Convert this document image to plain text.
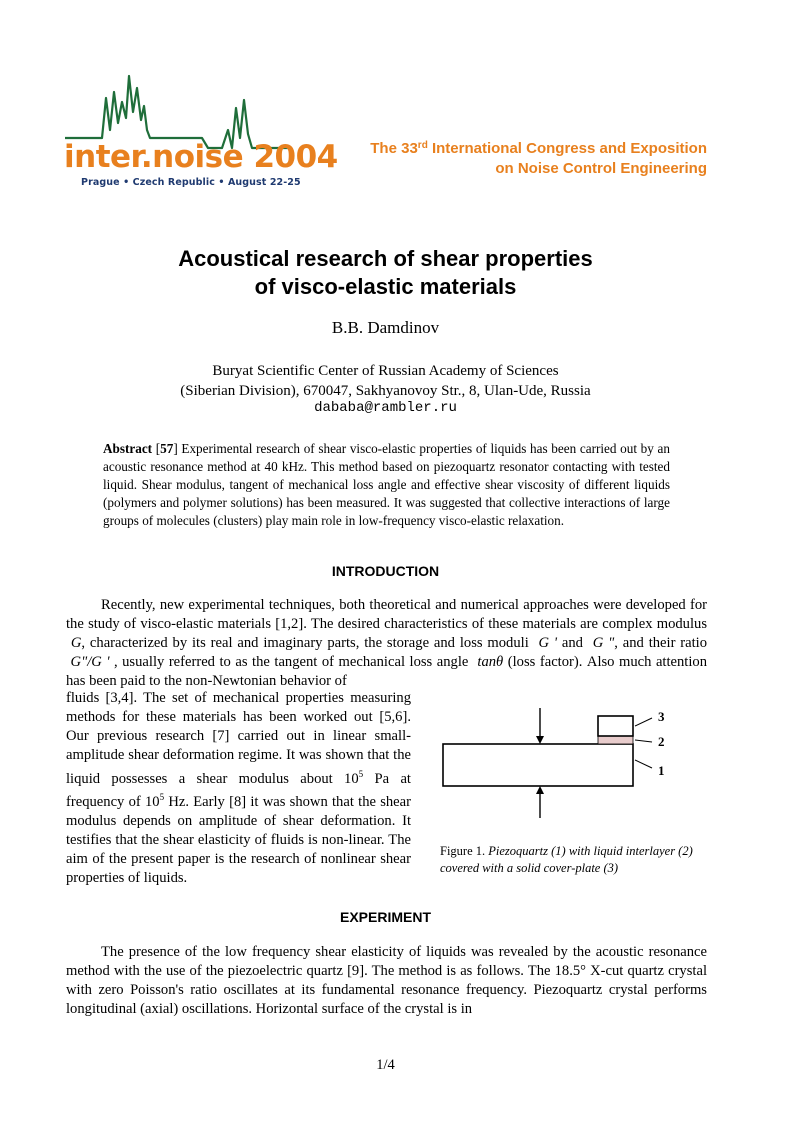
inter.noise 2004
Prague • Czech Republic • August 22-25
The 33rd International Congress and Exposition
on Noise Control Engineering
Acoustical research of shear properties
of visco-elastic materials
B.B. Damdinov
Buryat Scientific Center of Russian Academy of Sciences
(Siberian Division), 670047, Sakhyanovoy Str., 8, Ulan-Ude, Russia
dababa@rambler.ru
Abstract [57] Experimental research of shear visco-elastic properties of liquids has been carried out by an acoustic resonance method at 40 kHz. This method based on piezoquartz resonator contacting with tested liquid. Shear modulus, tangent of mechanical loss angle and effective shear viscosity of different liquids (polymers and polymer solutions) has been measured. It was suggested that collective interactions of large groups of molecules (clusters) play main role in low-frequency visco-elastic relaxation.
INTRODUCTION

Recently, new experimental techniques, both theoretical and numerical approaches were developed for the study of visco-elastic materials [1,2]. The desired characteristics of these materials are complex modulus  G, characterized by its real and imaginary parts, the storage and loss moduli G ' and G ", and their ratio  G"/G ' , usually referred to as the tangent of mechanical loss angle tanθ (loss factor). Also much attention has been paid to the non-Newtonian behavior of

fluids [3,4]. The set of mechanical properties measuring methods for these materials has been worked out [5,6]. Our previous research [7] carried out in linear small-amplitude shear deformation regime. It was shown that the liquid possesses a shear modulus about $10^5$ Pa at frequency of $10^5$ Hz. Early [8] it was shown that the shear modulus depends on amplitude of shear deformation. It testifies that the shear elasticity of fluids is non-linear. The aim of the present paper is the research of nonlinear shear properties of liquids.

3
2
1
Figure 1. Piezoquartz (1) with liquid interlayer (2) covered with a solid cover-plate (3)
EXPERIMENT

The presence of the low frequency shear elasticity of liquids was revealed by the acoustic resonance method with the use of the piezoelectric quartz [9]. The method is as follows. The 18.5° X-cut quartz crystal with zero Poisson's ratio oscillates at its fundamental resonance frequency. Piezoquartz crystal performs longitudinal (axial) oscillations. Horizontal surface of the crystal is in

1/4
